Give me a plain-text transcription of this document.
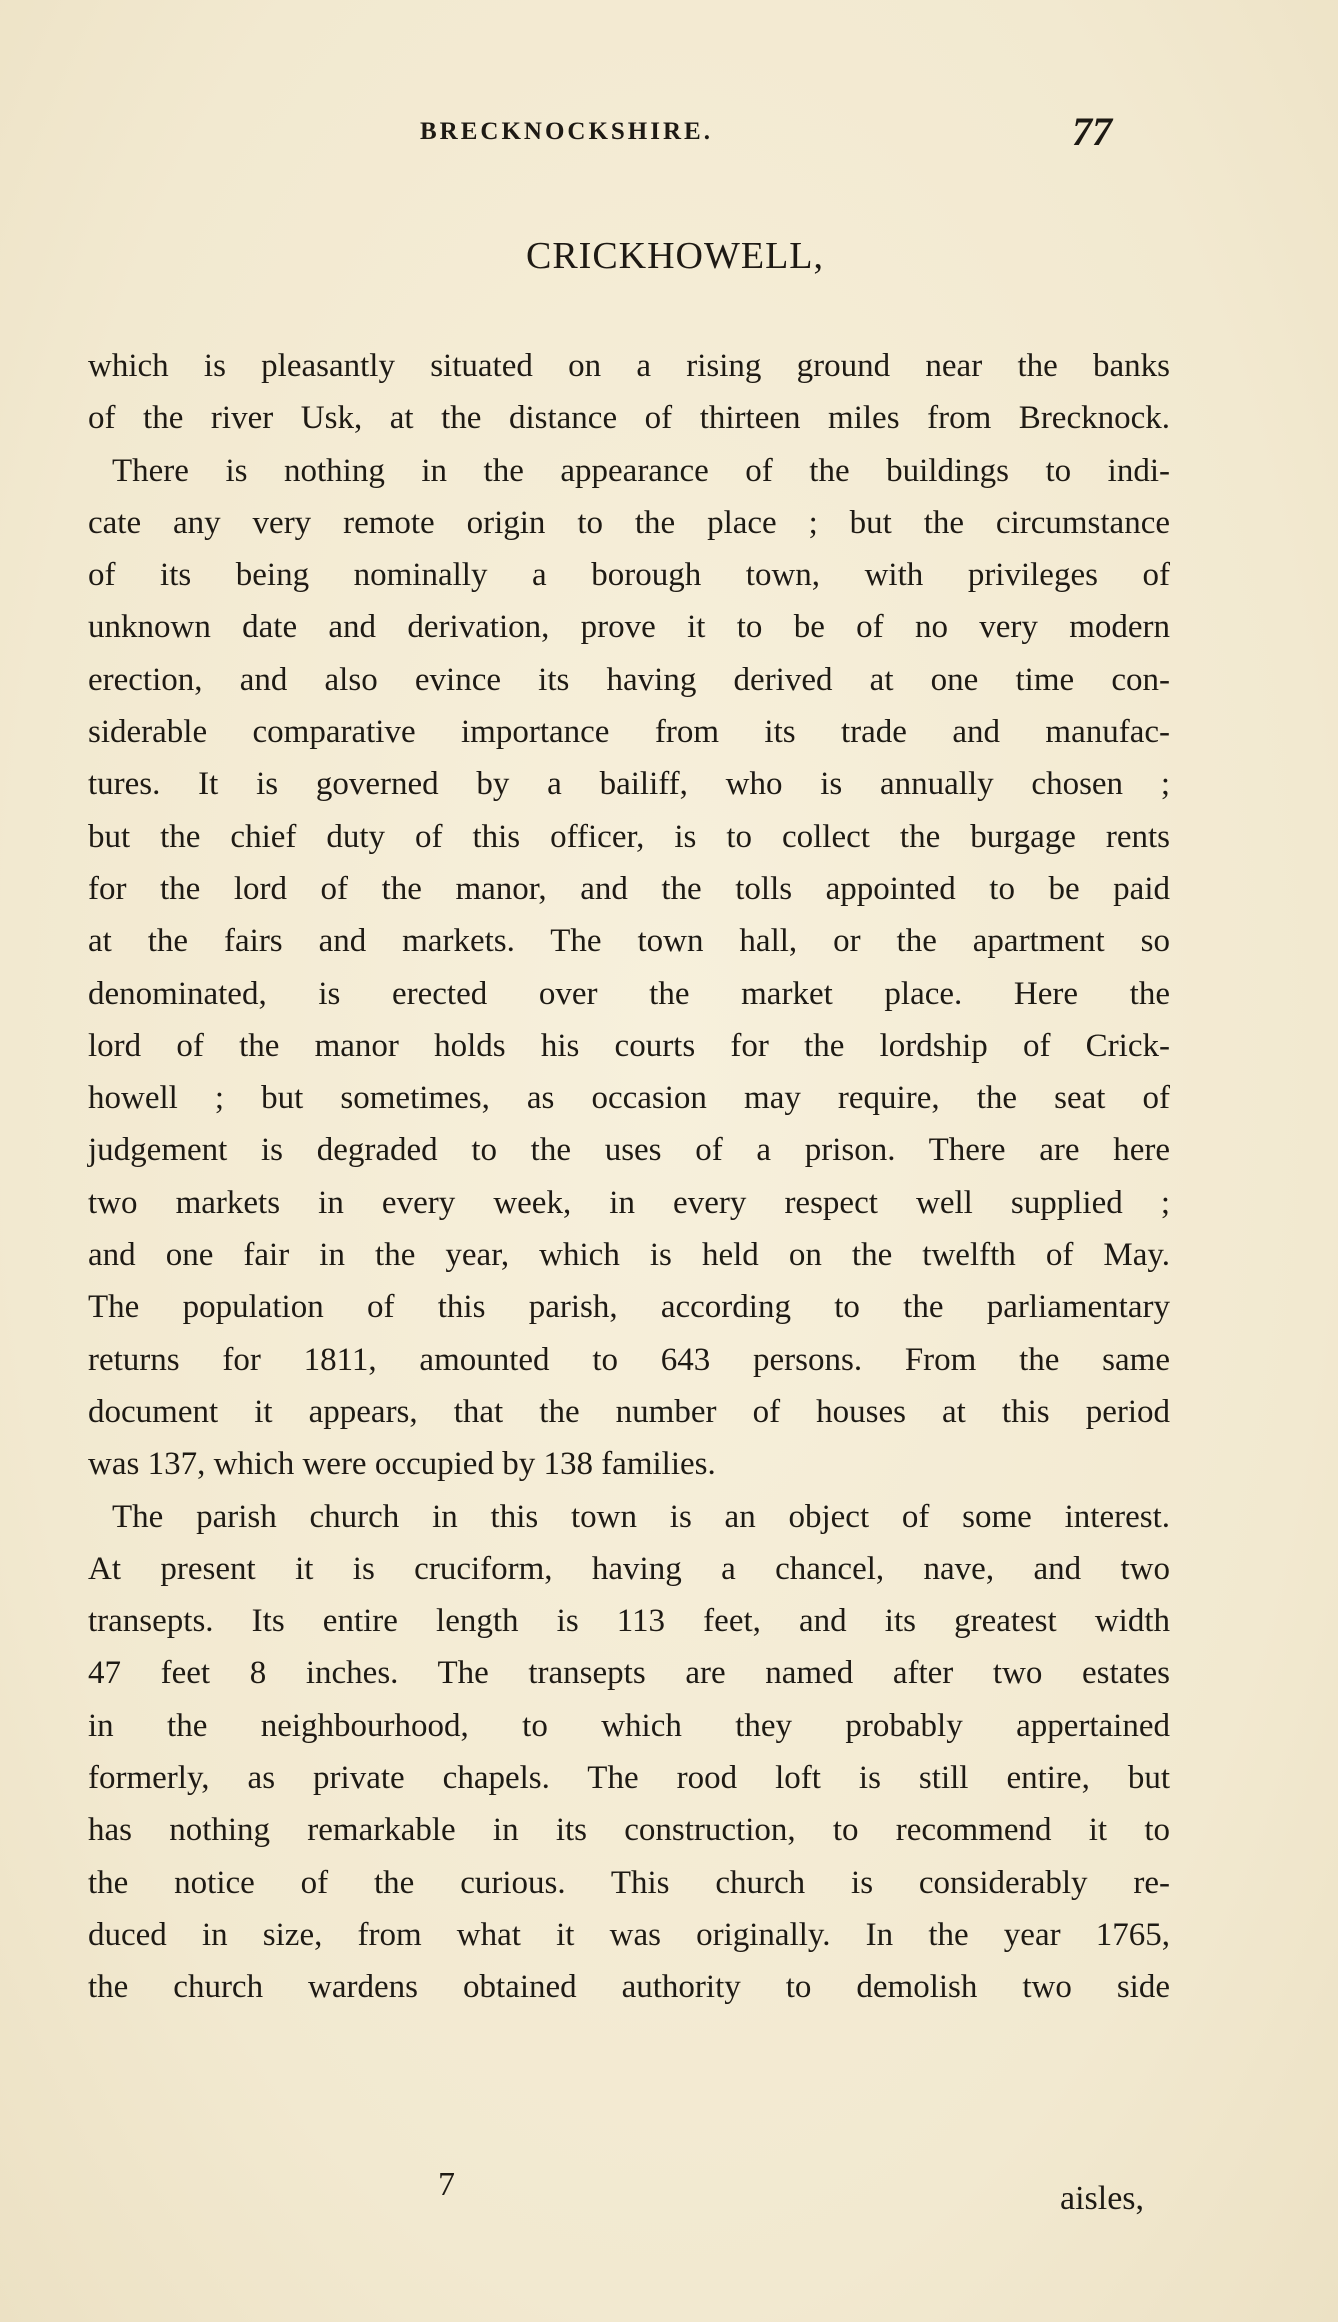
BRECKNOCKSHIRE.	77
CRICKHOWELL,
which is pleasantly situated on a rising ground near the banks
of the river Usk, at the distance of thirteen miles from Brecknock.
There is nothing in the appearance of the buildings to indi-
cate any very remote origin to the place ; but the circumstance
of its being nominally a borough town, with privileges of
unknown date and derivation, prove it to be of no very modern
erection, and also evince its having derived at one time con-
siderable comparative importance from its trade and manufac-
tures. It is governed by a bailiff, who is annually chosen ;
but the chief duty of this officer, is to collect the burgage rents
for the lord of the manor, and the tolls appointed to be paid
at the fairs and markets. The town hall, or the apartment so
denominated, is erected over the market place. Here the
lord of the manor holds his courts for the lordship of Crick-
howell ; but sometimes, as occasion may require, the seat of
judgement is degraded to the uses of a prison. There are here
two markets in every week, in every respect well supplied ;
and one fair in the year, which is held on the twelfth of May.
The population of this parish, according to the parliamentary
returns for 1811, amounted to 643 persons. From the same
document it appears, that the number of houses at this period
was 137, which were occupied by 138 families.
The parish church in this town is an object of some interest.
At present it is cruciform, having a chancel, nave, and two
transepts. Its entire length is 113 feet, and its greatest width
47 feet 8 inches. The transepts are named after two estates
in the neighbourhood, to which they probably appertained
formerly, as private chapels. The rood loft is still entire, but
has nothing remarkable in its construction, to recommend it to
the notice of the curious. This church is considerably re-
duced in size, from what it was originally. In the year 1765,
the church wardens obtained authority to demolish two side
7	aisles,
